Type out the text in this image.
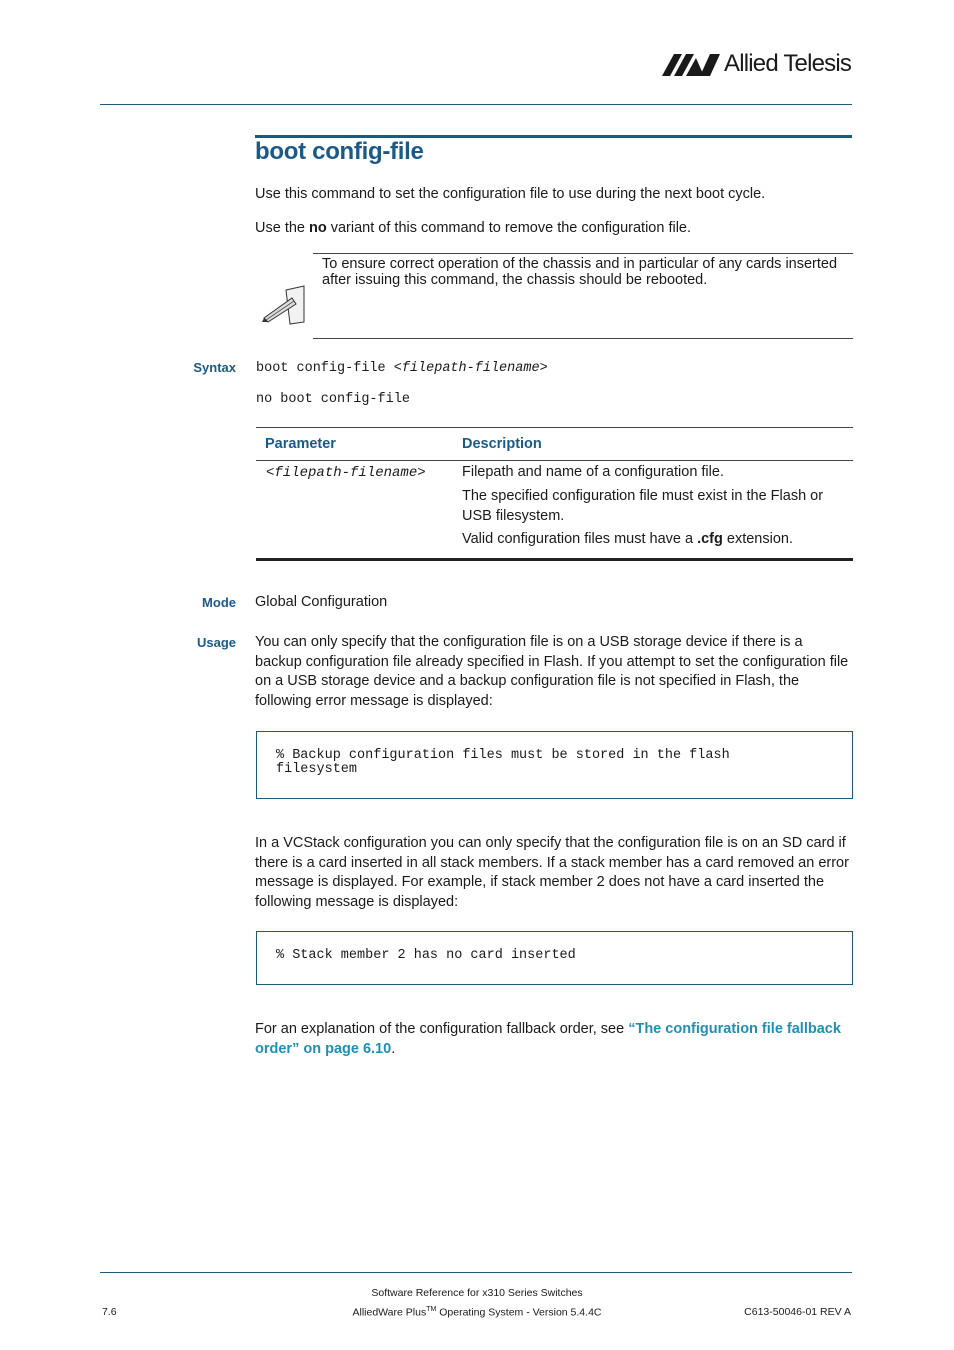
Allied Telesis
boot config-file
Use this command to set the configuration file to use during the next boot cycle.
Use the no variant of this command to remove the configuration file.
To ensure correct operation of the chassis and in particular of any cards inserted after issuing this command, the chassis should be rebooted.
Syntax boot config-file <filepath-filename>
no boot config-file
Parameter	Description
<filepath-filename>	Filepath and name of a configuration file.
The specified configuration file must exist in the Flash or USB filesystem.
Valid configuration files must have a .cfg extension.
Mode Global Configuration
Usage You can only specify that the configuration file is on a USB storage device if there is a backup configuration file already specified in Flash. If you attempt to set the configuration file on a USB storage device and a backup configuration file is not specified in Flash, the following error message is displayed:
% Backup configuration files must be stored in the flash
filesystem
In a VCStack configuration you can only specify that the configuration file is on an SD card if there is a card inserted in all stack members. If a stack member has a card removed an error message is displayed. For example, if stack member 2 does not have a card inserted the following message is displayed:
% Stack member 2 has no card inserted
For an explanation of the configuration fallback order, see “The configuration file fallback order” on page 6.10.
Software Reference for x310 Series Switches
7.6	AlliedWare Plus™ Operating System - Version 5.4.4C	C613-50046-01 REV A
